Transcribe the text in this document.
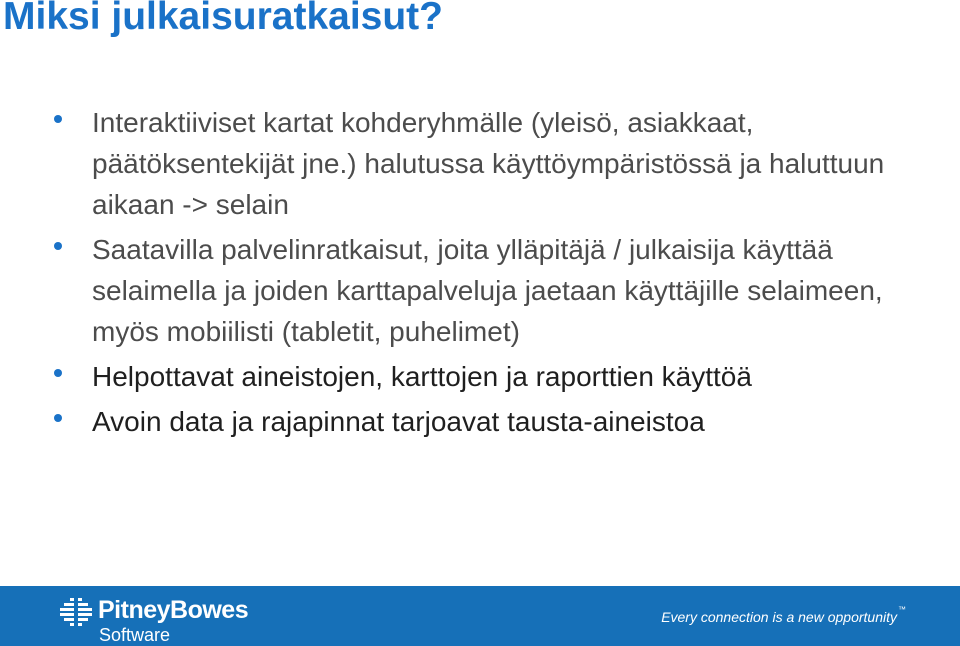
Miksi julkaisuratkaisut?
Interaktiiviset kartat kohderyhmälle (yleisö, asiakkaat, päätöksentekijät jne.) halutussa käyttöympäristössä ja haluttuun aikaan -> selain
Saatavilla palvelinratkaisut, joita ylläpitäjä / julkaisija käyttää selaimella ja joiden karttapalveluja jaetaan käyttäjille selaimeen, myös mobiilisti (tabletit, puhelimet)
Helpottavat aineistojen, karttojen ja raporttien käyttöä
Avoin data ja rajapinnat tarjoavat tausta-aineistoa
PitneyBowes
Software
Every connection is a new opportunity™
